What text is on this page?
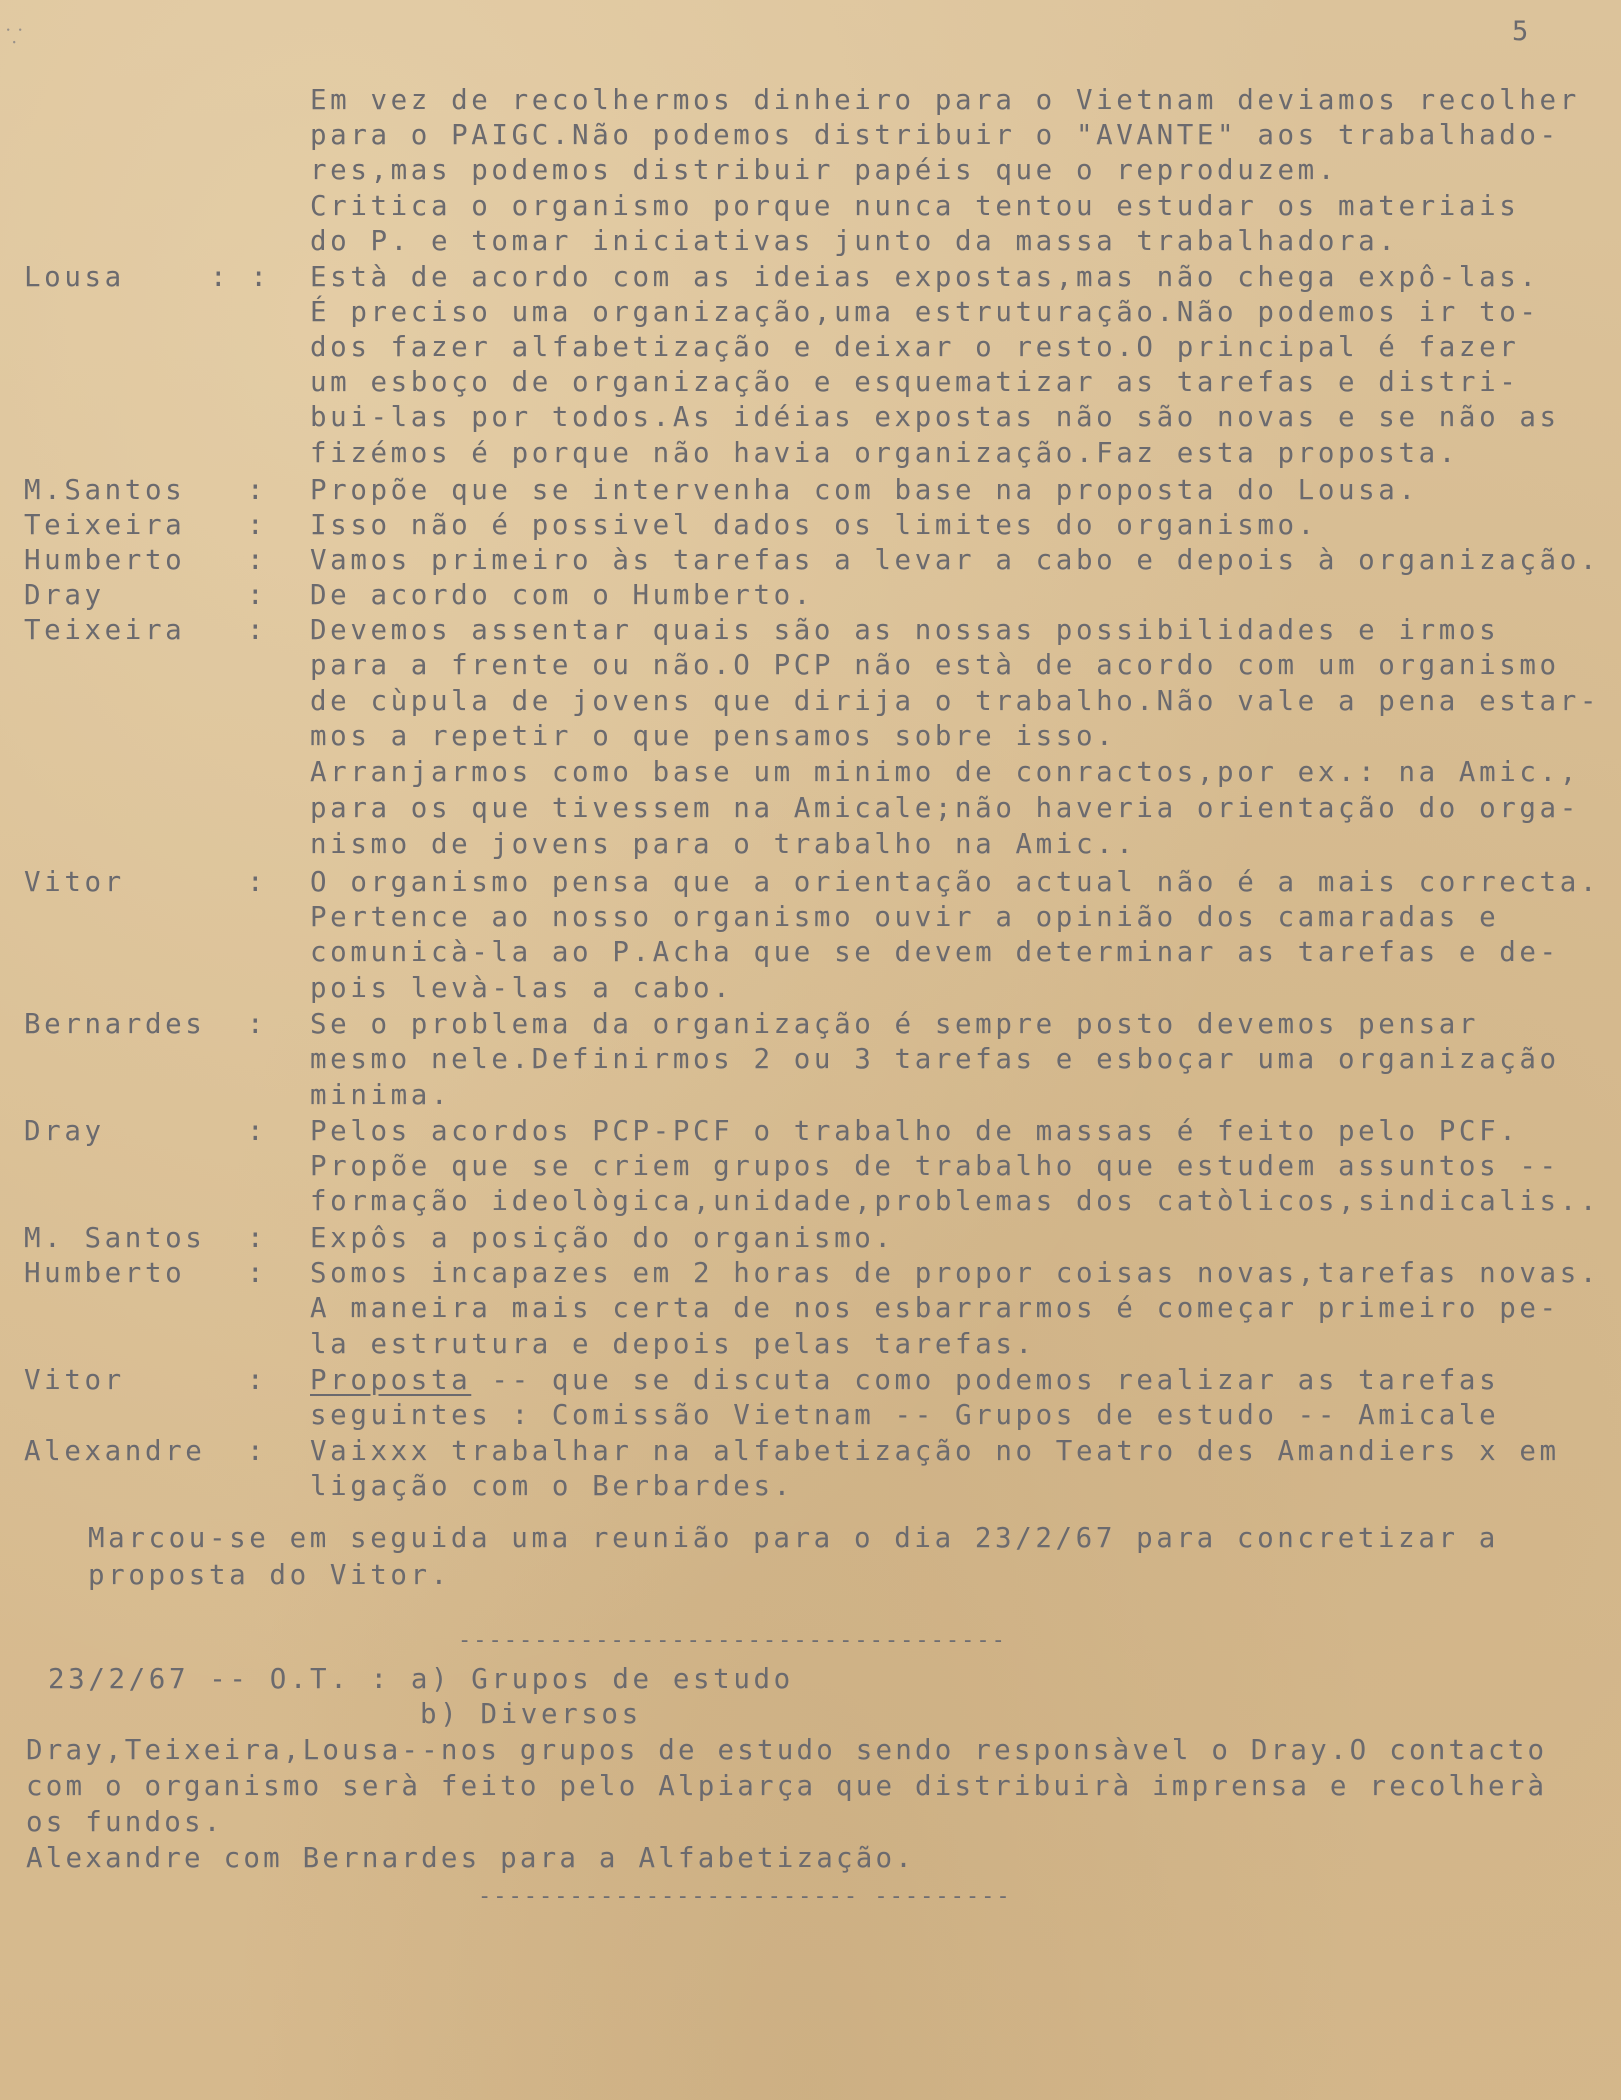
⸪	5
Em vez de recolhermos dinheiro para o Vietnam deviamos recolher
para o PAIGC.Não podemos distribuir o "AVANTE" aos trabalhado-
res,mas podemos distribuir papéis que o reproduzem.
Critica o organismo porque nunca tentou estudar os materiais
do P. e tomar iniciativas junto da massa trabalhadora.
Lousa	: : Està de acordo com as ideias expostas,mas não chega expô-las.
É preciso uma organização,uma estruturação.Não podemos ir to-
dos fazer alfabetização e deixar o resto.O principal é fazer
um esboço de organização e esquematizar as tarefas e distri-
bui-las por todos.As idéias expostas não são novas e se não as
fizémos é porque não havia organização.Faz esta proposta.
M.Santos : Propõe que se intervenha com base na proposta do Lousa.
Teixeira : Isso não é possivel dados os limites do organismo.
Humberto : Vamos primeiro às tarefas a levar a cabo e depois à organização.
Dray	: De acordo com o Humberto.
Teixeira : Devemos assentar quais são as nossas possibilidades e irmos
para a frente ou não.O PCP não està de acordo com um organismo
de cùpula de jovens que dirija o trabalho.Não vale a pena estar-
mos a repetir o que pensamos sobre isso.
Arranjarmos como base um minimo de conractos,por ex.: na Amic.,
para os que tivessem na Amicale;não haveria orientação do orga-
nismo de jovens para o trabalho na Amic..
Vitor	: O organismo pensa que a orientação actual não é a mais correcta.
Pertence ao nosso organismo ouvir a opinião dos camaradas e
comunicà-la ao P.Acha que se devem determinar as tarefas e de-
pois levà-las a cabo.
Bernardes : Se o problema da organização é sempre posto devemos pensar
mesmo nele.Definirmos 2 ou 3 tarefas e esboçar uma organização
minima.
Dray	: Pelos acordos PCP-PCF o trabalho de massas é feito pelo PCF.
Propõe que se criem grupos de trabalho que estudem assuntos --
formação ideològica,unidade,problemas dos catòlicos,sindicalis..
M. Santos : Expôs a posição do organismo.
Humberto : Somos incapazes em 2 horas de propor coisas novas,tarefas novas.
A maneira mais certa de nos esbarrarmos é começar primeiro pe-
la estrutura e depois pelas tarefas.
Vitor	: Proposta -- que se discuta como podemos realizar as tarefas
seguintes : Comissão Vietnam -- Grupos de estudo -- Amicale
Alexandre : Vaixxx trabalhar na alfabetização no Teatro des Amandiers x em
ligação com o Berbardes.
Marcou-se em seguida uma reunião para o dia 23/2/67 para concretizar a
proposta do Vitor.
------------------------------------
23/2/67 -- O.T. : a) Grupos de estudo
b) Diversos
Dray,Teixeira,Lousa--nos grupos de estudo sendo responsàvel o Dray.O contacto
com o organismo serà feito pelo Alpiarça que distribuirà imprensa e recolherà
os fundos.
Alexandre com Bernardes para a Alfabetização.
------------------------- ---------
